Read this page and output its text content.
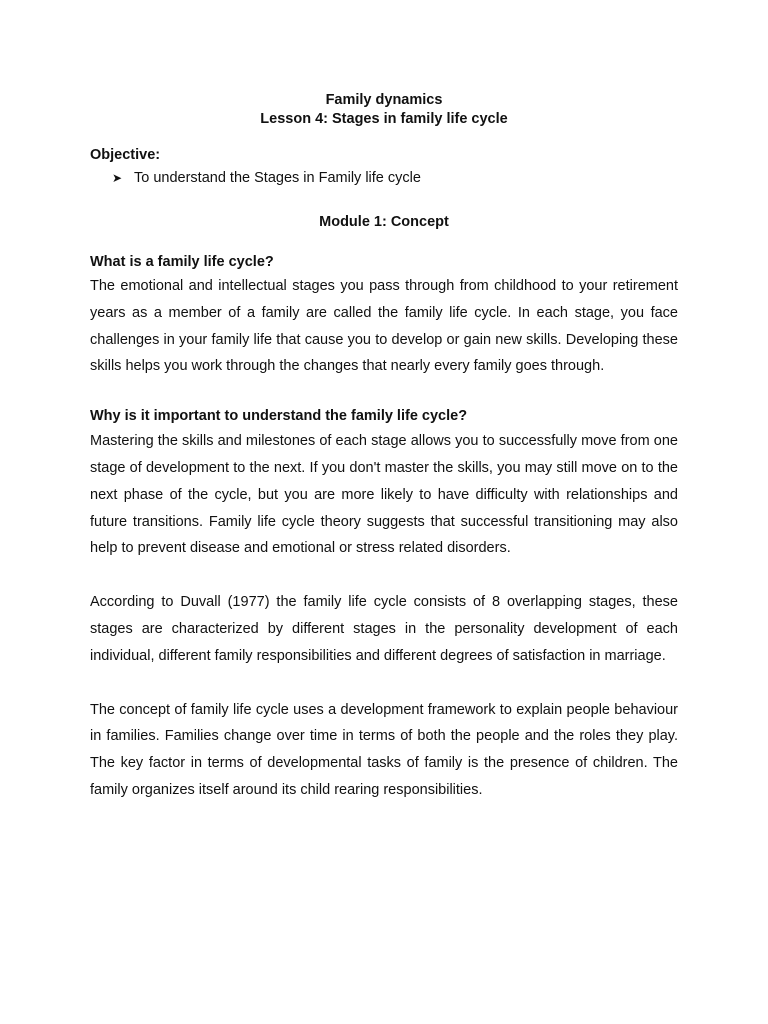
Family dynamics
Lesson 4: Stages in family life cycle
Objective:
➤ To understand the Stages in Family life cycle
Module 1: Concept
What is a family life cycle?

The emotional and intellectual stages you pass through from childhood to your retirement years as a member of a family are called the family life cycle. In each stage, you face challenges in your family life that cause you to develop or gain new skills. Developing these skills helps you work through the changes that nearly every family goes through.

Why is it important to understand the family life cycle?

Mastering the skills and milestones of each stage allows you to successfully move from one stage of development to the next. If you don't master the skills, you may still move on to the next phase of the cycle, but you are more likely to have difficulty with relationships and future transitions. Family life cycle theory suggests that successful transitioning may also help to prevent disease and emotional or stress related disorders.

According to Duvall (1977) the family life cycle consists of 8 overlapping stages, these stages are characterized by different stages in the personality development of each individual, different family responsibilities and different degrees of satisfaction in marriage.

The concept of family life cycle uses a development framework to explain people behaviour in families. Families change over time in terms of both the people and the roles they play. The key factor in terms of developmental tasks of family is the presence of children. The family organizes itself around its child rearing responsibilities.
